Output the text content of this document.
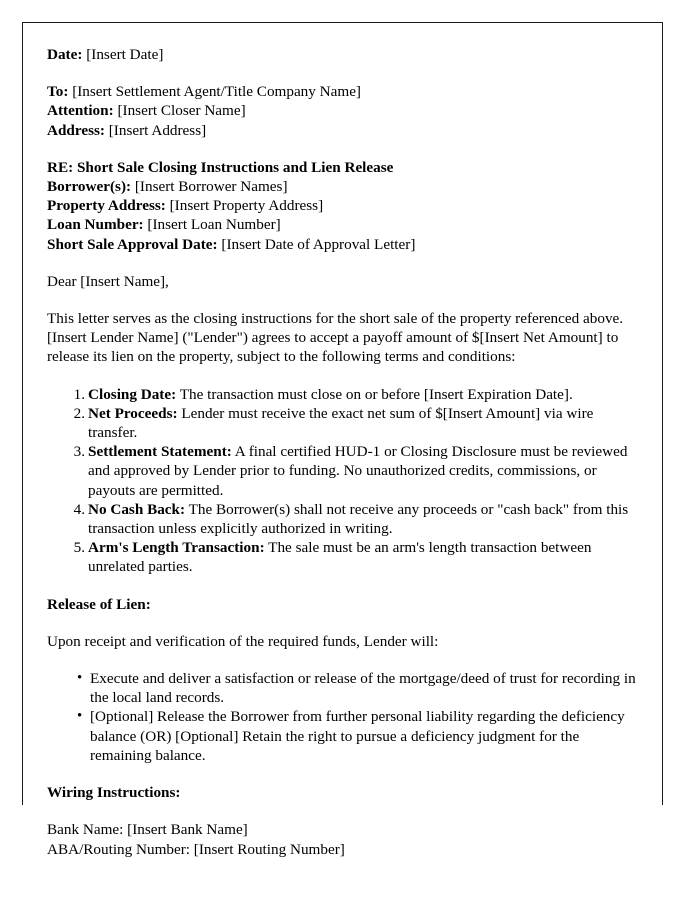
Date: [Insert Date]

To: [Insert Settlement Agent/Title Company Name]

Attention: [Insert Closer Name]

Address: [Insert Address]

RE: Short Sale Closing Instructions and Lien Release

Borrower(s): [Insert Borrower Names]

Property Address: [Insert Property Address]

Loan Number: [Insert Loan Number]

Short Sale Approval Date: [Insert Date of Approval Letter]

Dear [Insert Name],

This letter serves as the closing instructions for the short sale of the property referenced above. [Insert Lender Name] ("Lender") agrees to accept a payoff amount of $[Insert Net Amount] to release its lien on the property, subject to the following terms and conditions:

Closing Date: The transaction must close on or before [Insert Expiration Date].
Net Proceeds: Lender must receive the exact net sum of $[Insert Amount] via wire transfer.
Settlement Statement: A final certified HUD-1 or Closing Disclosure must be reviewed and approved by Lender prior to funding. No unauthorized credits, commissions, or payouts are permitted.
No Cash Back: The Borrower(s) shall not receive any proceeds or "cash back" from this transaction unless explicitly authorized in writing.
Arm's Length Transaction: The sale must be an arm's length transaction between unrelated parties.

Release of Lien:

Upon receipt and verification of the required funds, Lender will:

• Execute and deliver a satisfaction or release of the mortgage/deed of trust for recording in the local land records.
• [Optional] Release the Borrower from further personal liability regarding the deficiency balance (OR) [Optional] Retain the right to pursue a deficiency judgment for the remaining balance.

Wiring Instructions:

Bank Name: [Insert Bank Name]

ABA/Routing Number: [Insert Routing Number]
